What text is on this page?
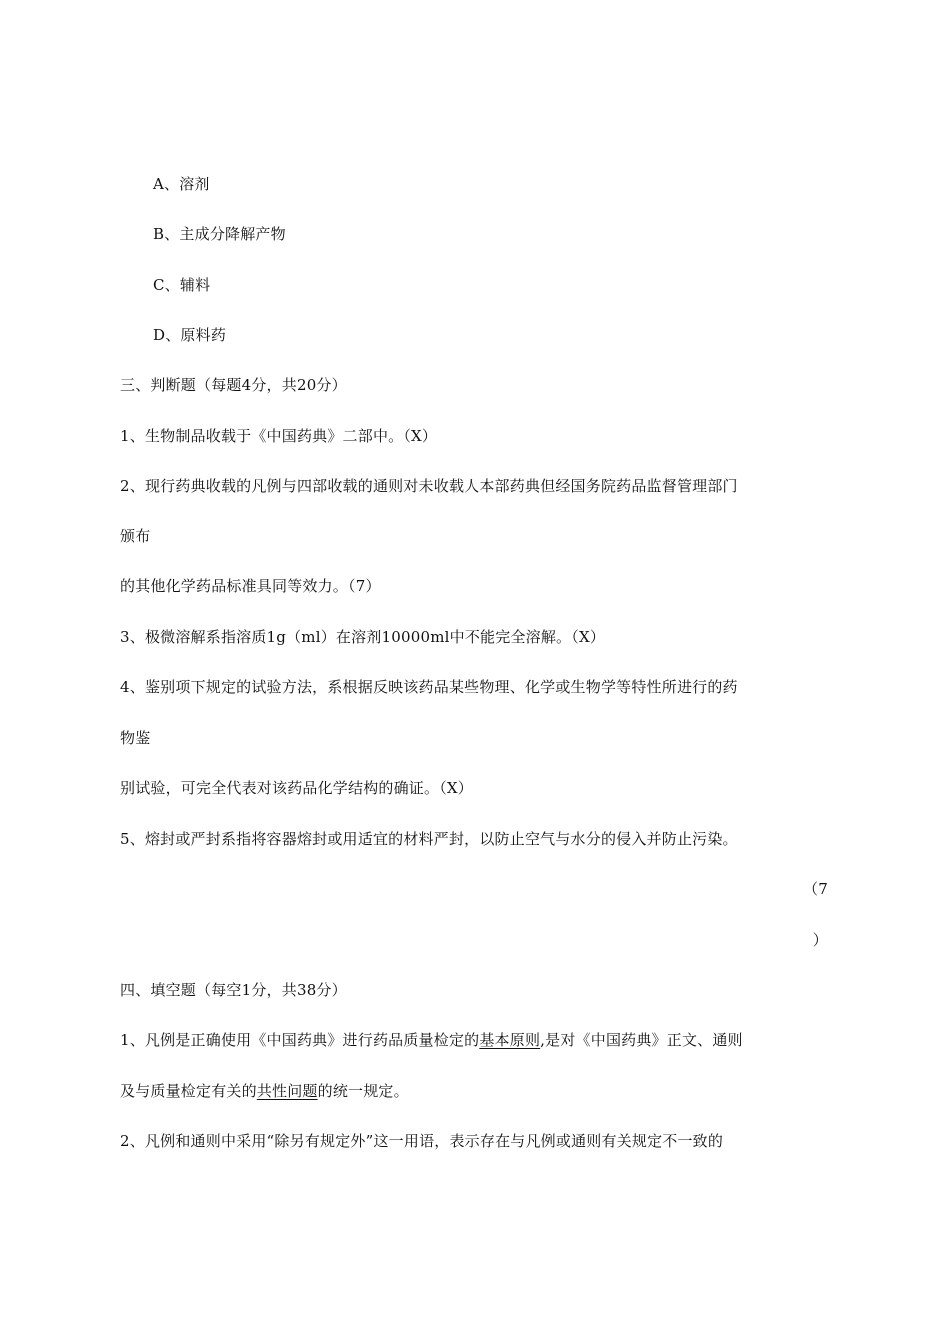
A、溶剂
B、主成分降解产物
C、辅料
D、原料药
三、判断题（每题4分，共20分）
1、生物制品收载于《中国药典》二部中。（X）
2、现行药典收载的凡例与四部收载的通则对未收载人本部药典但经国务院药品监督管理部门
颁布
的其他化学药品标准具同等效力。（7）
3、极微溶解系指溶质1g（ml）在溶剂10000ml中不能完全溶解。（X）
4、鉴别项下规定的试验方法，系根据反映该药品某些物理、化学或生物学等特性所进行的药
物鉴
别试验，可完全代表对该药品化学结构的确证。（X）
5、熔封或严封系指将容器熔封或用适宜的材料严封，以防止空气与水分的侵入并防止污染。
（7
）
四、填空题（每空1分，共38分）
1、凡例是正确使用《中国药典》进行药品质量检定的基本原则,是对《中国药典》正文、通则
及与质量检定有关的共性问题的统一规定。
2、凡例和通则中采用“除另有规定外”这一用语，表示存在与凡例或通则有关规定不一致的
